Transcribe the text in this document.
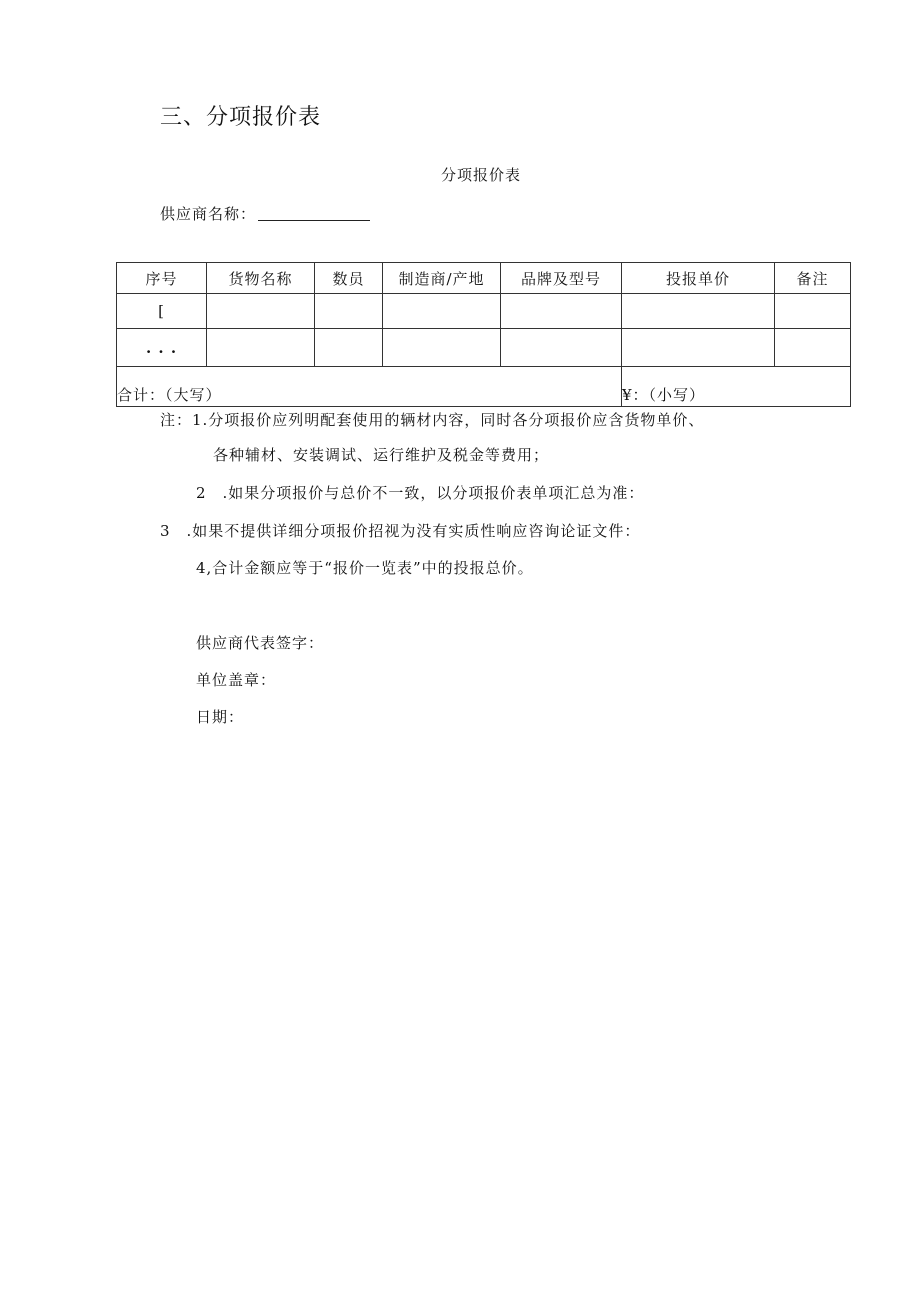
三、分项报价表
分项报价表
供应商名称：
序号	货物名称	数员	制造商/产地	品牌及型号	投报单价	备注
[						
. . .						
合计：（大写）					¥：（小写）	
注：1.分项报价应列明配套使用的辆材内容，同时各分项报价应含货物单价、
各种辅材、安装调试、运行维护及税金等费用；
2　.如果分项报价与总价不一致，以分项报价表单项汇总为准：
3　.如果不提供详细分项报价招视为没有实质性响应咨询论证文件：
4,合计金额应等于“报价一览表”中的投报总价。
供应商代表签字：
单位盖章：
日期：
